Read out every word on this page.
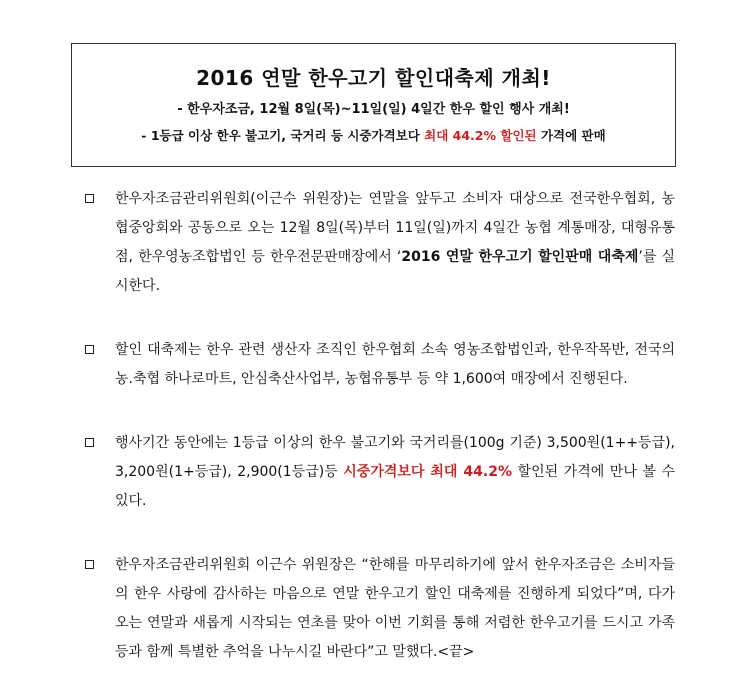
2016 연말 한우고기 할인대축제 개최!
- 한우자조금, 12월 8일(목)~11일(일) 4일간 한우 할인 행사 개최!
- 1등급 이상 한우 불고기, 국거리 등 시중가격보다 최대 44.2% 할인된 가격에 판매
한우자조금관리위원회(이근수 위원장)는 연말을 앞두고 소비자 대상으로 전국한우협회, 농협중앙회와 공동으로 오는 12월 8일(목)부터 11일(일)까지 4일간 농협 계통매장, 대형유통점, 한우영농조합법인 등 한우전문판매장에서 ‘2016 연말 한우고기 할인판매 대축제’를 실시한다.
할인 대축제는 한우 관련 생산자 조직인 한우협회 소속 영농조합법인과, 한우작목반, 전국의 농.축협 하나로마트, 안심축산사업부, 농협유통부 등 약 1,600여 매장에서 진행된다.
행사기간 동안에는 1등급 이상의 한우 불고기와 국거리를(100g 기준) 3,500원(1++등급), 3,200원(1+등급), 2,900(1등급)등 시중가격보다 최대 44.2% 할인된 가격에 만나 볼 수 있다.
한우자조금관리위원회 이근수 위원장은 “한해를 마무리하기에 앞서 한우자조금은 소비자들의 한우 사랑에 감사하는 마음으로 연말 한우고기 할인 대축제를 진행하게 되었다”며, 다가오는 연말과 새롭게 시작되는 연초를 맞아 이번 기회를 통해 저렴한 한우고기를 드시고 가족 등과 함께 특별한 추억을 나누시길 바란다”고 말했다.<끝>
